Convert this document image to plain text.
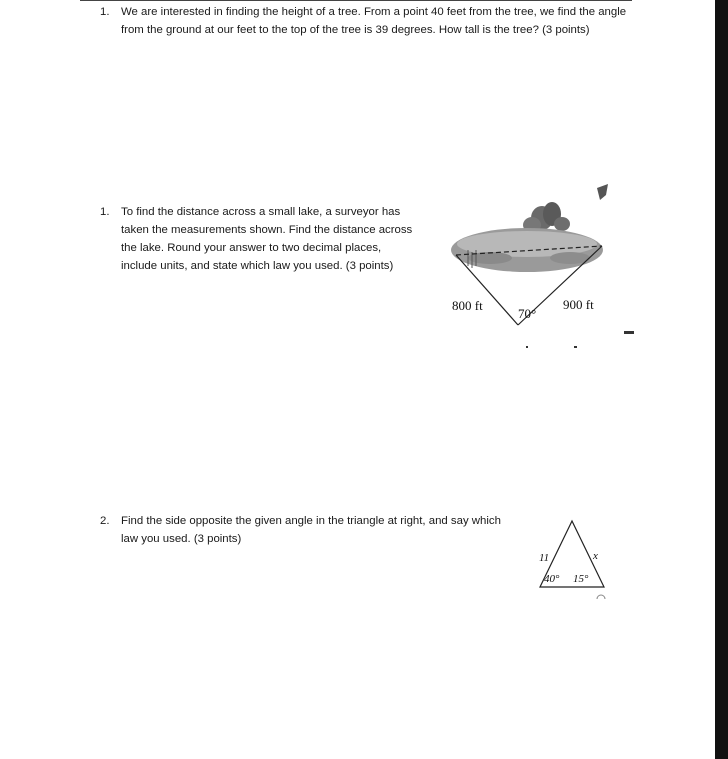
1. We are interested in finding the height of a tree. From a point 40 feet from the tree, we find the angle from the ground at our feet to the top of the tree is 39 degrees. How tall is the tree? (3 points)
1. To find the distance across a small lake, a surveyor has taken the measurements shown. Find the distance across the lake. Round your answer to two decimal places, include units, and state which law you used. (3 points)
2. Find the side opposite the given angle in the triangle at right, and say which law you used. (3 points)
800 ft	900 ft
70°
11	x
40° 15°
